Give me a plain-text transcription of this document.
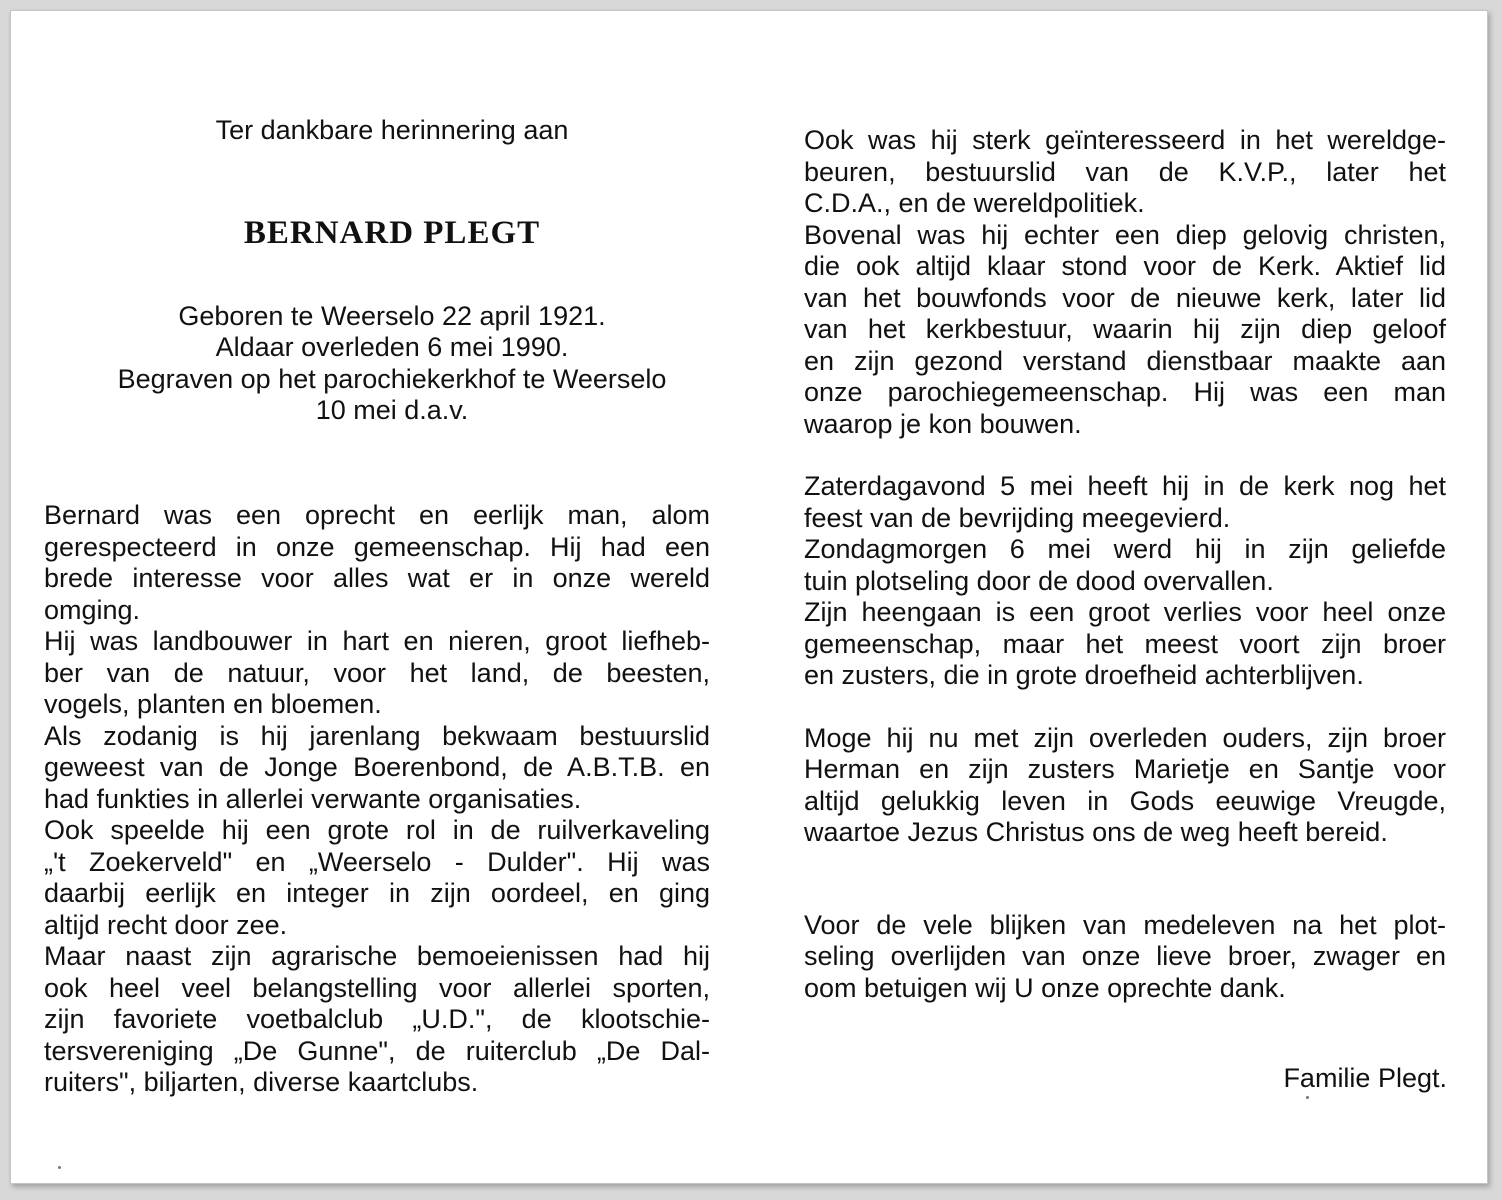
Ter dankbare herinnering aan
BERNARD PLEGT
Geboren te Weerselo 22 april 1921.
Aldaar overleden 6 mei 1990.
Begraven op het parochiekerkhof te Weerselo
10 mei d.a.v.
Bernard was een oprecht en eerlijk man, alom
gerespecteerd in onze gemeenschap. Hij had een
brede interesse voor alles wat er in onze wereld
omging.
Hij was landbouwer in hart en nieren, groot liefheb-
ber van de natuur, voor het land, de beesten,
vogels, planten en bloemen.
Als zodanig is hij jarenlang bekwaam bestuurslid
geweest van de Jonge Boerenbond, de A.B.T.B. en
had funkties in allerlei verwante organisaties.
Ook speelde hij een grote rol in de ruilverkaveling
„'t Zoekerveld" en „Weerselo - Dulder". Hij was
daarbij eerlijk en integer in zijn oordeel, en ging
altijd recht door zee.
Maar naast zijn agrarische bemoeienissen had hij
ook heel veel belangstelling voor allerlei sporten,
zijn favoriete voetbalclub „U.D.", de klootschie-
tersvereniging „De Gunne", de ruiterclub „De Dal-
ruiters", biljarten, diverse kaartclubs.
Ook was hij sterk geïnteresseerd in het wereldge-
beuren, bestuurslid van de K.V.P., later het
C.D.A., en de wereldpolitiek.
Bovenal was hij echter een diep gelovig christen,
die ook altijd klaar stond voor de Kerk. Aktief lid
van het bouwfonds voor de nieuwe kerk, later lid
van het kerkbestuur, waarin hij zijn diep geloof
en zijn gezond verstand dienstbaar maakte aan
onze parochiegemeenschap. Hij was een man
waarop je kon bouwen.
Zaterdagavond 5 mei heeft hij in de kerk nog het
feest van de bevrijding meegevierd.
Zondagmorgen 6 mei werd hij in zijn geliefde
tuin plotseling door de dood overvallen.
Zijn heengaan is een groot verlies voor heel onze
gemeenschap, maar het meest voort zijn broer
en zusters, die in grote droefheid achterblijven.
Moge hij nu met zijn overleden ouders, zijn broer
Herman en zijn zusters Marietje en Santje voor
altijd gelukkig leven in Gods eeuwige Vreugde,
waartoe Jezus Christus ons de weg heeft bereid.
Voor de vele blijken van medeleven na het plot-
seling overlijden van onze lieve broer, zwager en
oom betuigen wij U onze oprechte dank.
Familie Plegt.
